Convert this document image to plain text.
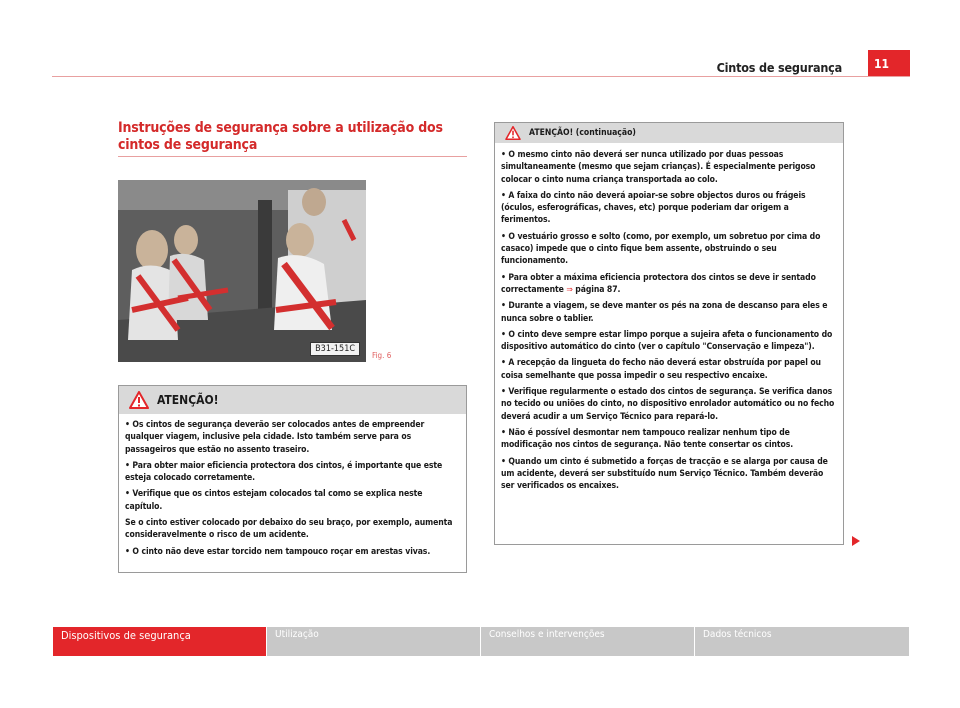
Cintos de segurança	11
Instruções de segurança sobre a utilização dos cintos de segurança
B31-151C
Fig. 6
ATENÇÃO!

• Os cintos de segurança deverão ser colocados antes de empreender qualquer viagem, inclusive pela cidade. Isto também serve para os passageiros que estão no assento traseiro.

• Para obter maior eficiencia protectora dos cintos, é importante que este esteja colocado corretamente.

• Verifique que os cintos estejam colocados tal como se explica neste capítulo.

Se o cinto estiver colocado por debaixo do seu braço, por exemplo, aumenta consideravelmente o risco de um acidente.

• O cinto não deve estar torcido nem tampouco roçar em arestas vivas.

ATENÇÃO! (continuação)

• O mesmo cinto não deverá ser nunca utilizado por duas pessoas simultaneamente (mesmo que sejam crianças). É especialmente perigoso colocar o cinto numa criança transportada ao colo.

• A faixa do cinto não deverá apoiar-se sobre objectos duros ou frágeis (óculos, esferográficas, chaves, etc) porque poderiam dar origem a ferimentos.

• O vestuário grosso e solto (como, por exemplo, um sobretuo por cima do casaco) impede que o cinto fique bem assente, obstruindo o seu funcionamento.

• Para obter a máxima eficiencia protectora dos cintos se deve ir sentado correctamente ⇒ página 87.

• Durante a viagem, se deve manter os pés na zona de descanso para eles e nunca sobre o tablier.

• O cinto deve sempre estar limpo porque a sujeira afeta o funcionamento do dispositivo automático do cinto (ver o capítulo "Conservação e limpeza").

• A recepção da lingueta do fecho não deverá estar obstruída por papel ou coisa semelhante que possa impedir o seu respectivo encaixe.

• Verifique regularmente o estado dos cintos de segurança. Se verifica danos no tecido ou uniões do cinto, no dispositivo enrolador automático ou no fecho deverá acudir a um Serviço Técnico para repará-lo.

• Não é possível desmontar nem tampouco realizar nenhum tipo de modificação nos cintos de segurança. Não tente consertar os cintos.

• Quando um cinto é submetido a forças de tracção e se alarga por causa de um acidente, deverá ser substituído num Serviço Técnico. Também deverão ser verificados os encaixes.

Dispositivos de segurança	Utilização	Conselhos e intervenções	Dados técnicos
